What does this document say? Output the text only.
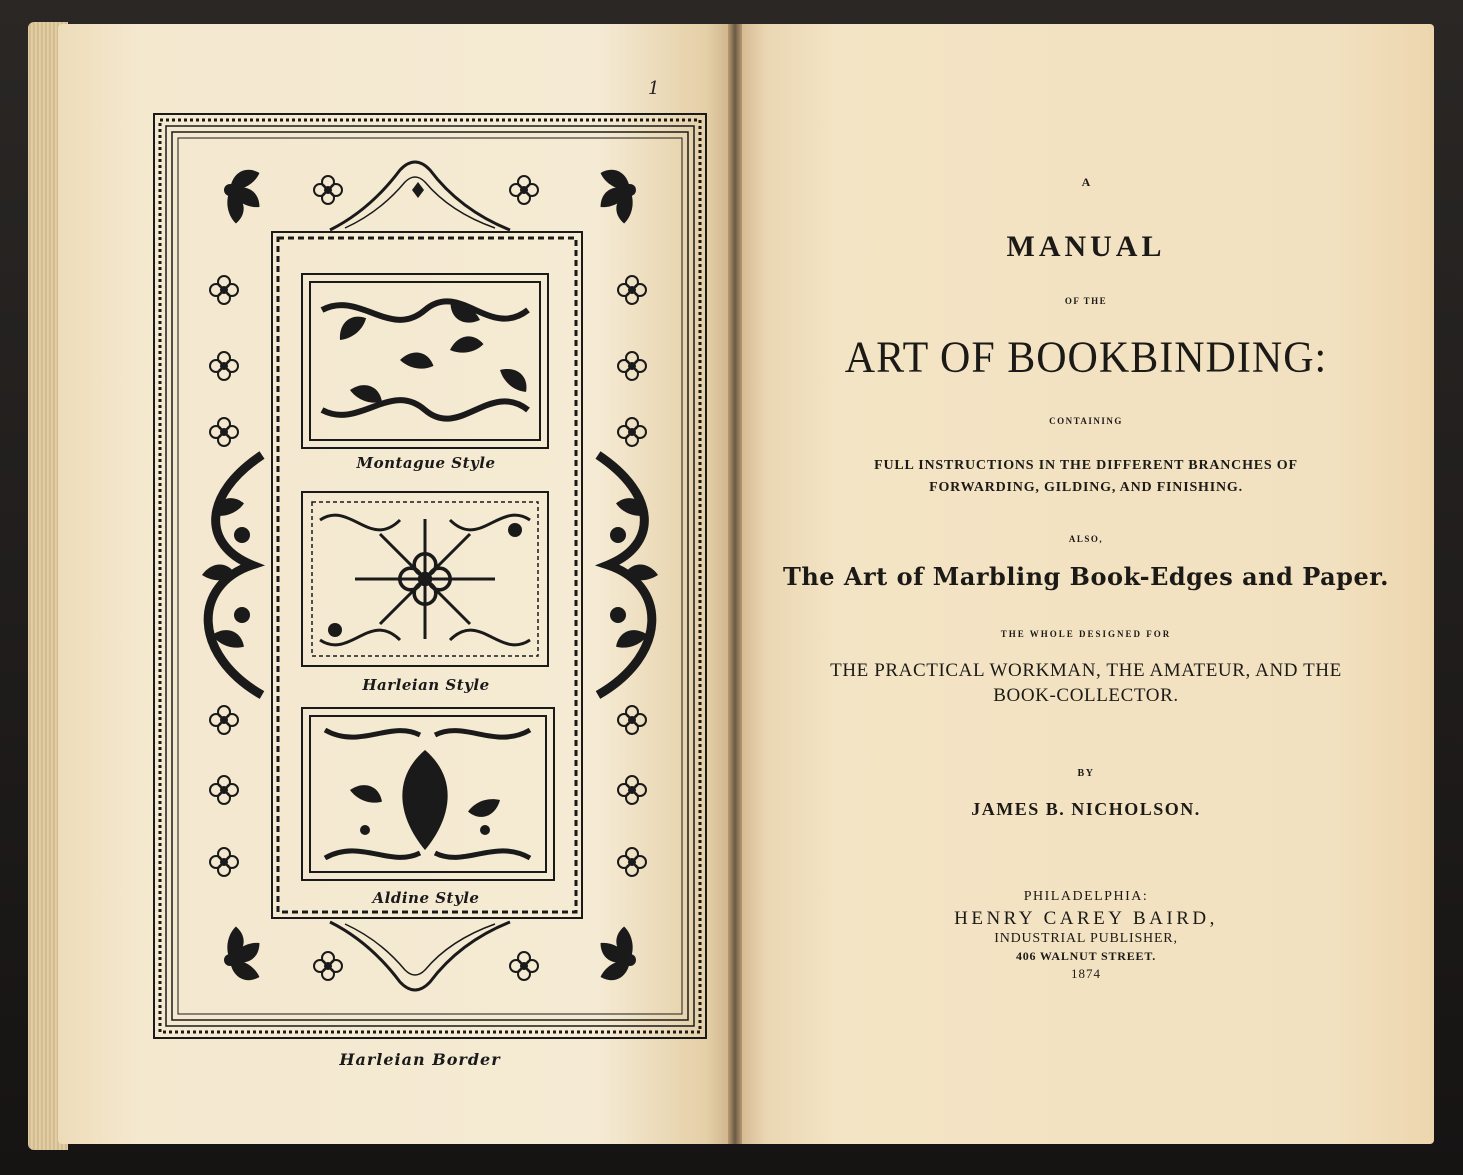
1
Montague Style
Harleian Style
Aldine Style
Harleian Border
A
MANUAL
OF THE
ART OF BOOKBINDING:
CONTAINING
FULL INSTRUCTIONS IN THE DIFFERENT BRANCHES OF
FORWARDING, GILDING, AND FINISHING.
ALSO,
The Art of Marbling Book-Edges and Paper.
THE WHOLE DESIGNED FOR
THE PRACTICAL WORKMAN, THE AMATEUR, AND THE
BOOK-COLLECTOR.
BY
JAMES B. NICHOLSON.
PHILADELPHIA:
HENRY CAREY BAIRD,
INDUSTRIAL PUBLISHER,
406 WALNUT STREET.
1874
